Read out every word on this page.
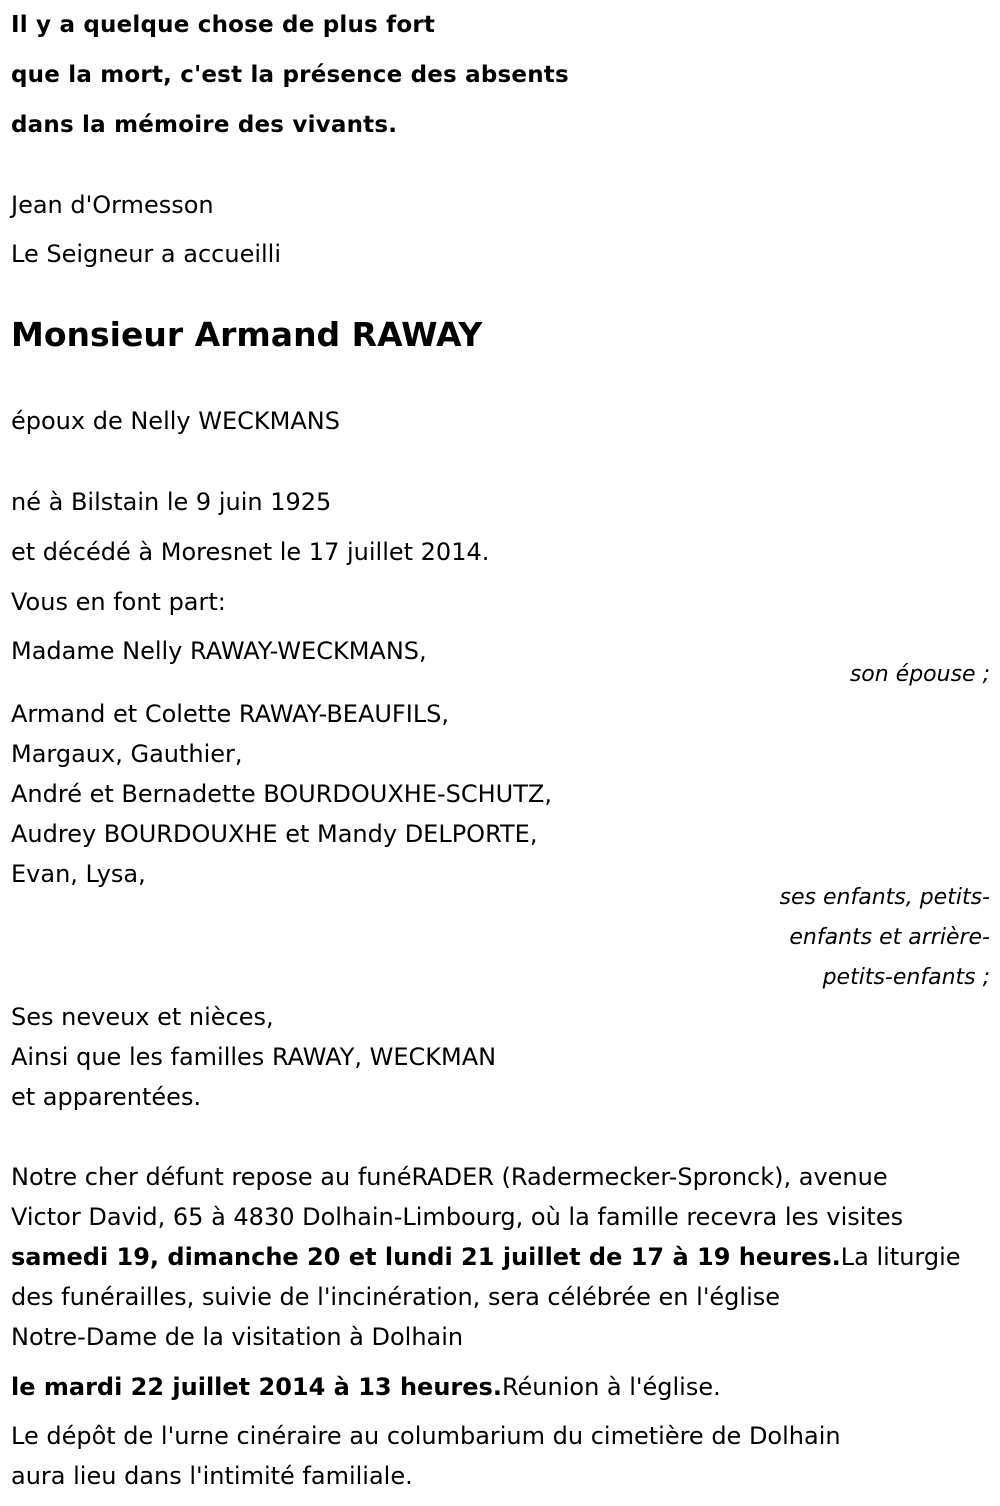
Il y a quelque chose de plus fort
que la mort, c'est la présence des absents
dans la mémoire des vivants.
Jean d'Ormesson
Le Seigneur a accueilli
Monsieur Armand RAWAY
époux de Nelly WECKMANS
né à Bilstain le 9 juin 1925
et décédé à Moresnet le 17 juillet 2014.
Vous en font part:
Madame Nelly RAWAY-WECKMANS,
son épouse ;
Armand et Colette RAWAY-BEAUFILS,
Margaux, Gauthier,
André et Bernadette BOURDOUXHE-SCHUTZ,
Audrey BOURDOUXHE et Mandy DELPORTE,
Evan, Lysa,
ses enfants, petits-
enfants et arrière-
petits-enfants ;
Ses neveux et nièces,
Ainsi que les familles RAWAY, WECKMAN
et apparentées.
Notre cher défunt repose au funéRADER (Radermecker-Spronck), avenue
Victor David, 65 à 4830 Dolhain-Limbourg, où la famille recevra les visites
samedi 19, dimanche 20 et lundi 21 juillet de 17 à 19 heures.La liturgie
des funérailles, suivie de l'incinération, sera célébrée en l'église
Notre-Dame de la visitation à Dolhain
le mardi 22 juillet 2014 à 13 heures.Réunion à l'église.
Le dépôt de l'urne cinéraire au columbarium du cimetière de Dolhain
aura lieu dans l'intimité familiale.
